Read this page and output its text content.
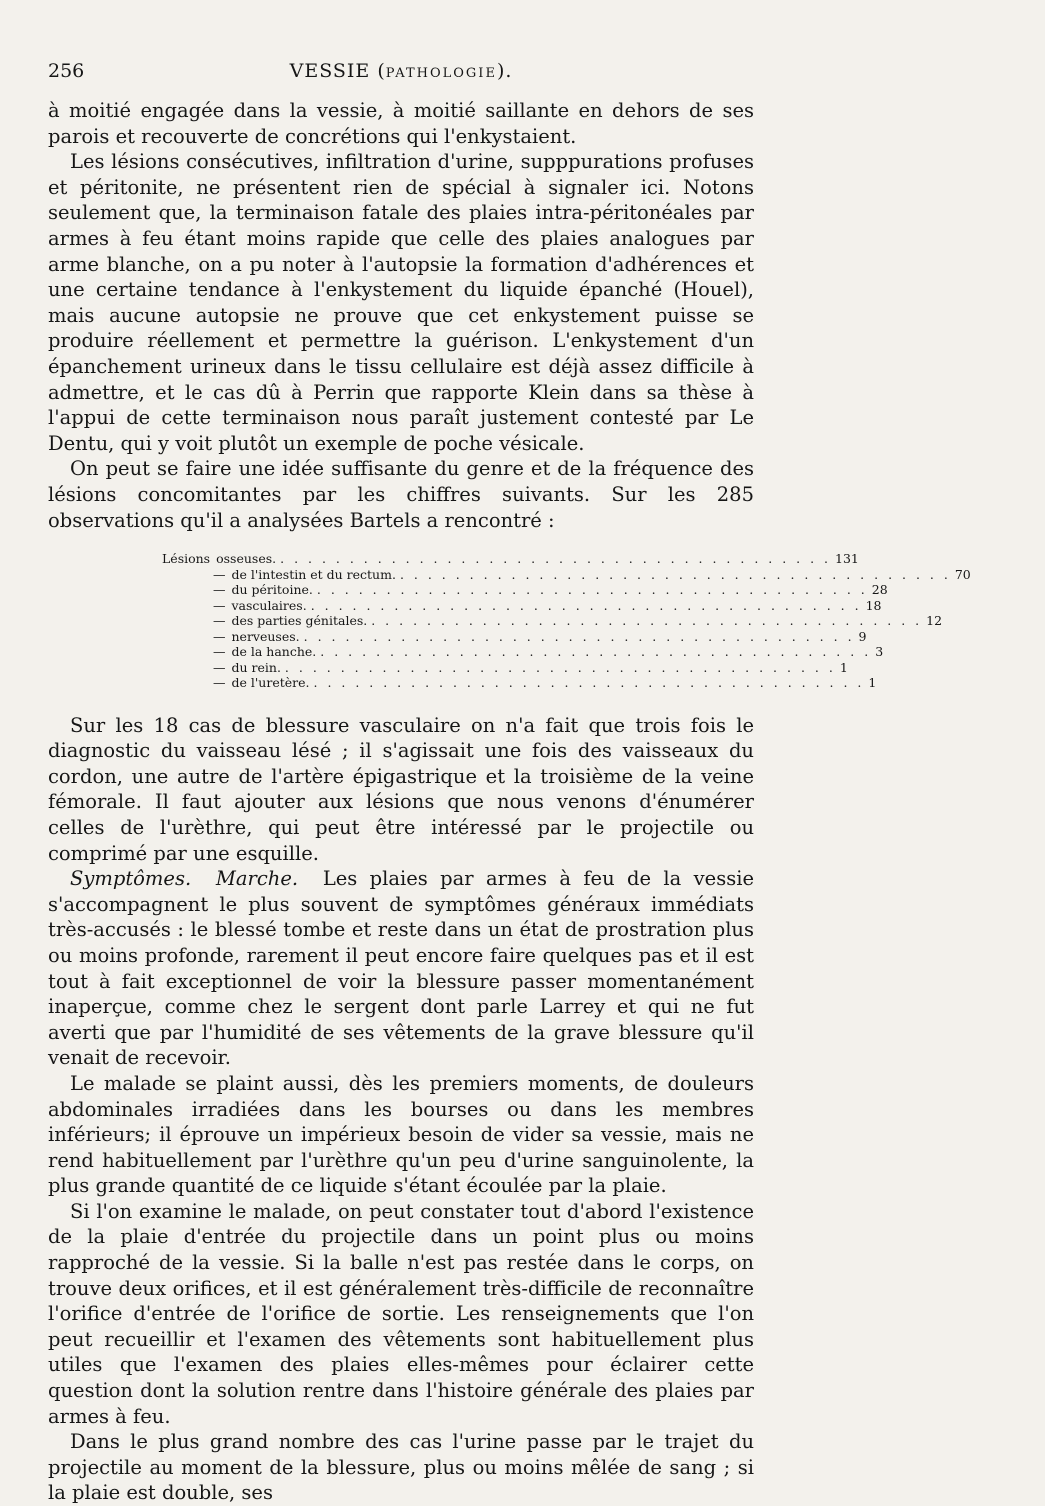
256	VESSIE (PATHOLOGIE).

à moitié engagée dans la vessie, à moitié saillante en dehors de ses parois et recouverte de concrétions qui l'enkystaient.

Les lésions consécutives, infiltration d'urine, supppurations profuses et péritonite, ne présentent rien de spécial à signaler ici. Notons seulement que, la terminaison fatale des plaies intra-péritonéales par armes à feu étant moins rapide que celle des plaies analogues par arme blanche, on a pu noter à l'autopsie la formation d'adhérences et une certaine tendance à l'enkystement du liquide épanché (Houel), mais aucune autopsie ne prouve que cet enkystement puisse se produire réellement et permettre la guérison. L'enkystement d'un épanchement urineux dans le tissu cellulaire est déjà assez difficile à admettre, et le cas dû à Perrin que rapporte Klein dans sa thèse à l'appui de cette terminaison nous paraît justement contesté par Le Dentu, qui y voit plutôt un exemple de poche vésicale.

On peut se faire une idée suffisante du genre et de la fréquence des lésions concomitantes par les chiffres suivants. Sur les 285 observations qu'il a analysées Bartels a rencontré :

Lésions osseuses. . . . . . . . . . . . . . . . . . . . . . . . . . . . . . . . . . . . . . . . . 131
— de l'intestin et du rectum. . . . . . . . . . . . . . . . . . . . . . . . . . . . . . . . . . . . . . . . . 70
— du péritoine. . . . . . . . . . . . . . . . . . . . . . . . . . . . . . . . . . . . . . . . . 28
— vasculaires. . . . . . . . . . . . . . . . . . . . . . . . . . . . . . . . . . . . . . . . . 18
— des parties génitales. . . . . . . . . . . . . . . . . . . . . . . . . . . . . . . . . . . . . . . . . 12
— nerveuses. . . . . . . . . . . . . . . . . . . . . . . . . . . . . . . . . . . . . . . . . 9
— de la hanche. . . . . . . . . . . . . . . . . . . . . . . . . . . . . . . . . . . . . . . . . 3
— du rein. . . . . . . . . . . . . . . . . . . . . . . . . . . . . . . . . . . . . . . . . 1
— de l'uretère. . . . . . . . . . . . . . . . . . . . . . . . . . . . . . . . . . . . . . . . . 1

Sur les 18 cas de blessure vasculaire on n'a fait que trois fois le diagnostic du vaisseau lésé ; il s'agissait une fois des vaisseaux du cordon, une autre de l'artère épigastrique et la troisième de la veine fémorale. Il faut ajouter aux lésions que nous venons d'énumérer celles de l'urèthre, qui peut être intéressé par le projectile ou comprimé par une esquille.

Symptômes. Marche. Les plaies par armes à feu de la vessie s'accompagnent le plus souvent de symptômes généraux immédiats très-accusés : le blessé tombe et reste dans un état de prostration plus ou moins profonde, rarement il peut encore faire quelques pas et il est tout à fait exceptionnel de voir la blessure passer momentanément inaperçue, comme chez le sergent dont parle Larrey et qui ne fut averti que par l'humidité de ses vêtements de la grave blessure qu'il venait de recevoir.

Le malade se plaint aussi, dès les premiers moments, de douleurs abdominales irradiées dans les bourses ou dans les membres inférieurs; il éprouve un impérieux besoin de vider sa vessie, mais ne rend habituellement par l'urèthre qu'un peu d'urine sanguinolente, la plus grande quantité de ce liquide s'étant écoulée par la plaie.

Si l'on examine le malade, on peut constater tout d'abord l'existence de la plaie d'entrée du projectile dans un point plus ou moins rapproché de la vessie. Si la balle n'est pas restée dans le corps, on trouve deux orifices, et il est généralement très-difficile de reconnaître l'orifice d'entrée de l'orifice de sortie. Les renseignements que l'on peut recueillir et l'examen des vêtements sont habituellement plus utiles que l'examen des plaies elles-mêmes pour éclairer cette question dont la solution rentre dans l'histoire générale des plaies par armes à feu.

Dans le plus grand nombre des cas l'urine passe par le trajet du projectile au moment de la blessure, plus ou moins mêlée de sang ; si la plaie est double, ses
